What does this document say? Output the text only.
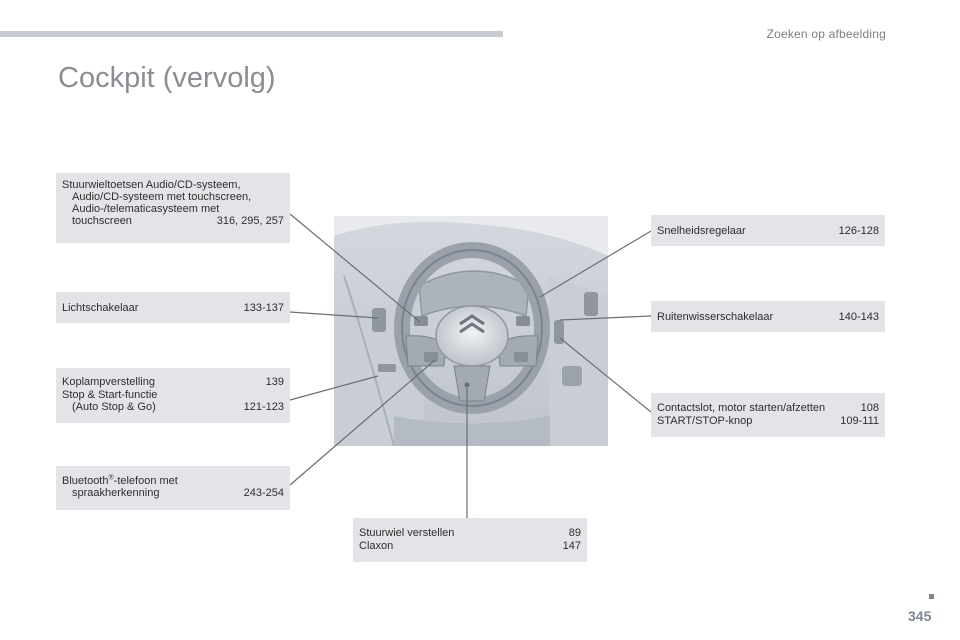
Zoeken op afbeelding
Cockpit (vervolg)
Stuurwieltoetsen Audio/CD-systeem,
Audio/CD-systeem met touchscreen,
Audio-/telematicasysteem met
touchscreen	316, 295, 257
Lichtschakelaar	133-137
Koplampverstelling	139
Stop & Start-functie
(Auto Stop & Go)	121-123
Bluetooth®-telefoon met
spraakherkenning	243-254
Snelheidsregelaar	126-128
Ruitenwisserschakelaar	140-143
Contactslot, motor starten/afzetten	108
START/STOP-knop	109-111
Stuurwiel verstellen	89
Claxon	147
345
